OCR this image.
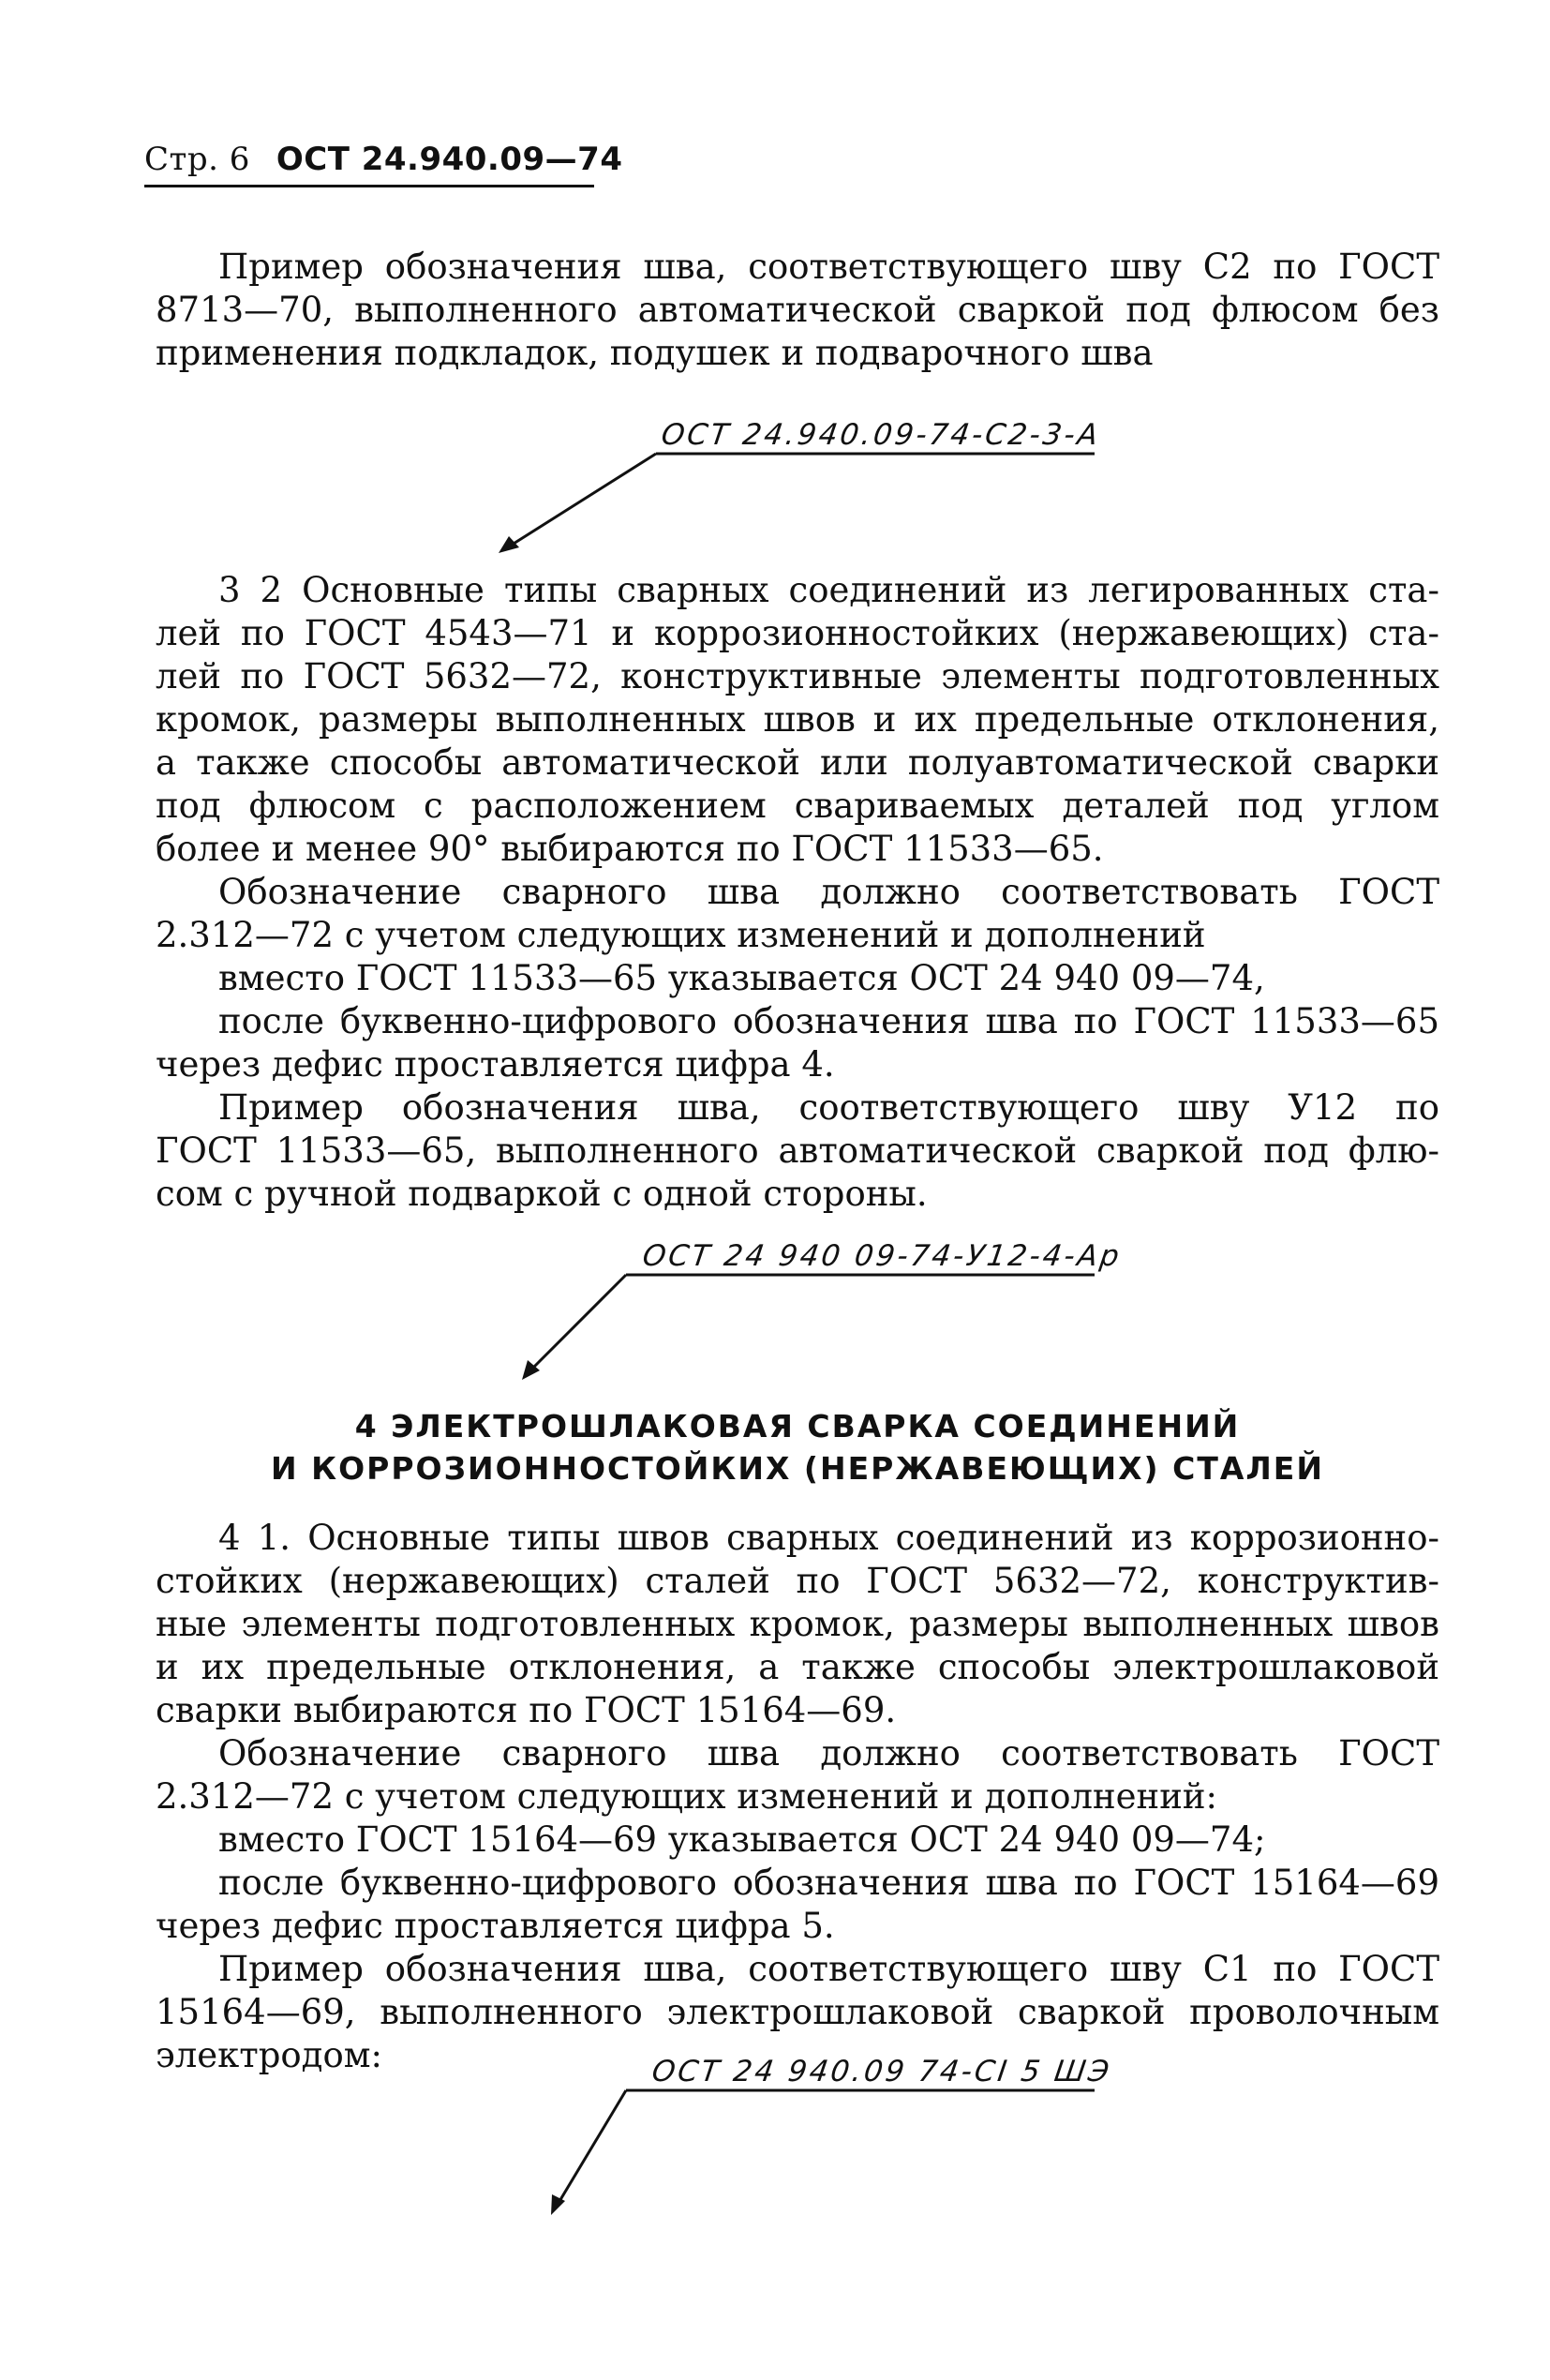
Стр. 6 ОСТ 24.940.09—74
Пример обозначения шва, соответствующего шву С2 по ГОСТ
8713—70, выполненного автоматической сваркой под флюсом без
применения подкладок, подушек и подварочного шва
ОСТ 24.940.09-74-С2-3-А
ОСТ 24 940 09-74-У12-4-Ар
ОСТ 24 940.09 74-СI 5 ШЭ
3 2 Основные типы сварных соединений из легированных ста-
лей по ГОСТ 4543—71 и коррозионностойких (нержавеющих) ста-
лей по ГОСТ 5632—72, конструктивные элементы подготовленных
кромок, размеры выполненных швов и их предельные отклонения,
а также способы автоматической или полуавтоматической сварки
под флюсом с расположением свариваемых деталей под углом
более и менее 90° выбираются по ГОСТ 11533—65.
Обозначение сварного шва должно соответствовать ГОСТ
2.312—72 с учетом следующих изменений и дополнений
вместо ГОСТ 11533—65 указывается ОСТ 24 940 09—74,
после буквенно-цифрового обозначения шва по ГОСТ 11533—65
через дефис проставляется цифра 4.
Пример обозначения шва, соответствующего шву У12 по
ГОСТ 11533—65, выполненного автоматической сваркой под флю-
сом с ручной подваркой с одной стороны.
4 ЭЛЕКТРОШЛАКОВАЯ СВАРКА СОЕДИНЕНИЙ
И КОРРОЗИОННОСТОЙКИХ (НЕРЖАВЕЮЩИХ) СТАЛЕЙ
4 1. Основные типы швов сварных соединений из коррозионно-
стойких (нержавеющих) сталей по ГОСТ 5632—72, конструктив-
ные элементы подготовленных кромок, размеры выполненных швов
и их предельные отклонения, а также способы электрошлаковой
сварки выбираются по ГОСТ 15164—69.
Обозначение сварного шва должно соответствовать ГОСТ
2.312—72 с учетом следующих изменений и дополнений:
вместо ГОСТ 15164—69 указывается ОСТ 24 940 09—74;
после буквенно-цифрового обозначения шва по ГОСТ 15164—69
через дефис проставляется цифра 5.
Пример обозначения шва, соответствующего шву С1 по ГОСТ
15164—69, выполненного электрошлаковой сваркой проволочным
электродом:
